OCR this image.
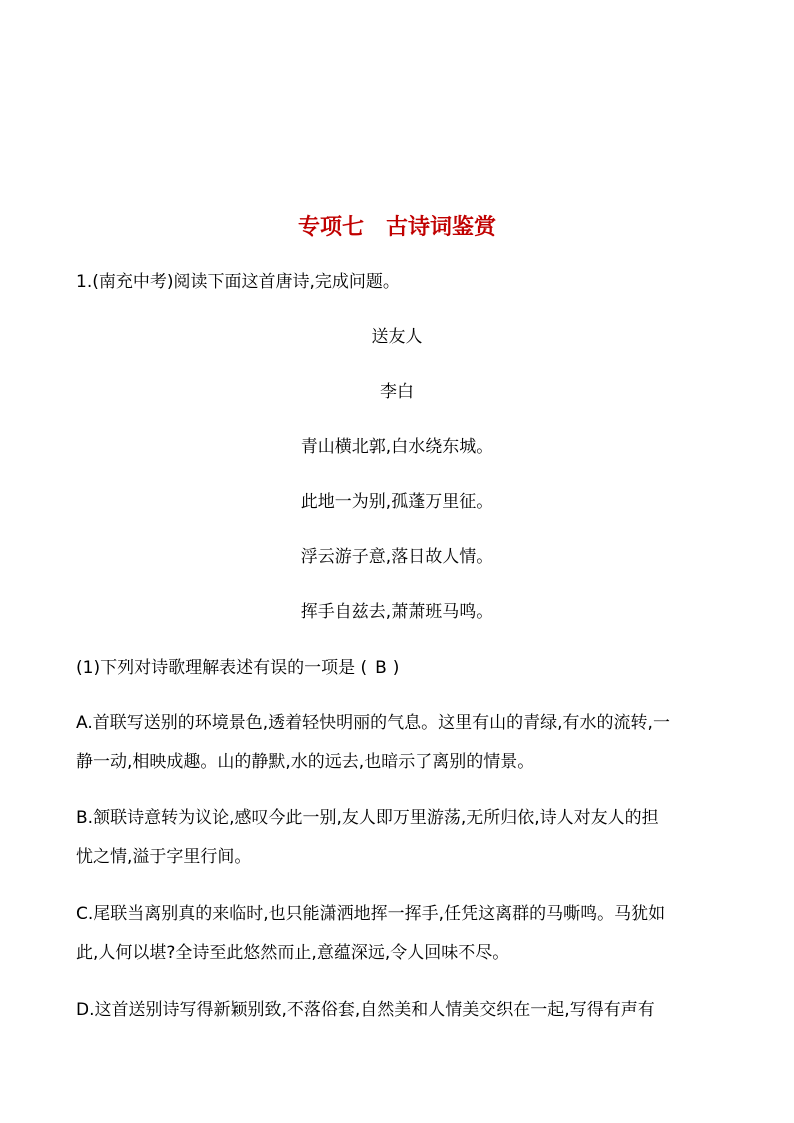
专项七　古诗词鉴赏
1.(南充中考)阅读下面这首唐诗,完成问题。
送友人
李白
青山横北郭,白水绕东城。
此地一为别,孤蓬万里征。
浮云游子意,落日故人情。
挥手自兹去,萧萧班马鸣。
(1)下列对诗歌理解表述有误的一项是 ( B )
A.首联写送别的环境景色,透着轻快明丽的气息。这里有山的青绿,有水的流转,一
静一动,相映成趣。山的静默,水的远去,也暗示了离别的情景。
B.颔联诗意转为议论,感叹今此一别,友人即万里游荡,无所归依,诗人对友人的担
忧之情,溢于字里行间。
C.尾联当离别真的来临时,也只能潇洒地挥一挥手,任凭这离群的马嘶鸣。马犹如
此,人何以堪?全诗至此悠然而止,意蕴深远,令人回味不尽。
D.这首送别诗写得新颖别致,不落俗套,自然美和人情美交织在一起,写得有声有
